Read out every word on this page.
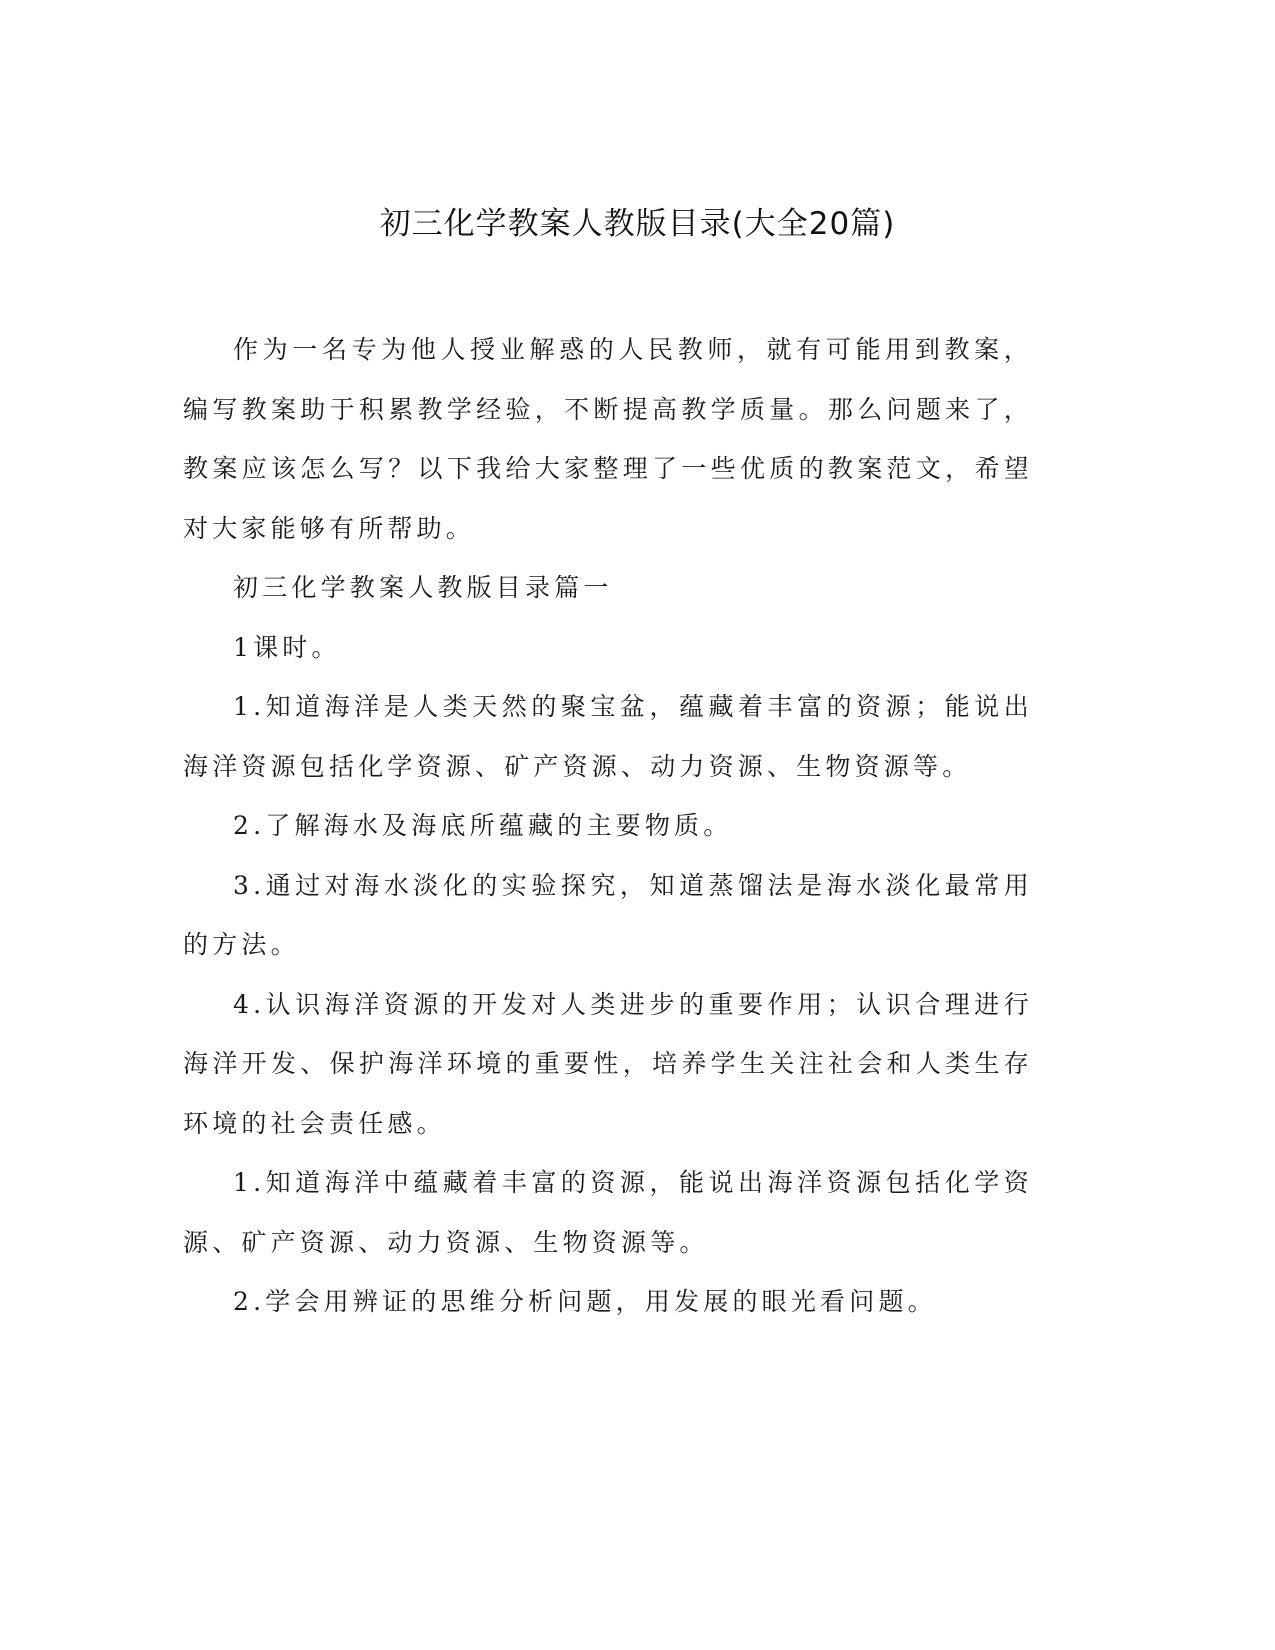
初三化学教案人教版目录(大全20篇)

作为一名专为他人授业解惑的人民教师，就有可能用到教案，编写教案助于积累教学经验，不断提高教学质量。那么问题来了，教案应该怎么写？以下我给大家整理了一些优质的教案范文，希望对大家能够有所帮助。

初三化学教案人教版目录篇一

1课时。

1.知道海洋是人类天然的聚宝盆，蕴藏着丰富的资源；能说出海洋资源包括化学资源、矿产资源、动力资源、生物资源等。

2.了解海水及海底所蕴藏的主要物质。

3.通过对海水淡化的实验探究，知道蒸馏法是海水淡化最常用的方法。

4.认识海洋资源的开发对人类进步的重要作用；认识合理进行海洋开发、保护海洋环境的重要性，培养学生关注社会和人类生存环境的社会责任感。

1.知道海洋中蕴藏着丰富的资源，能说出海洋资源包括化学资源、矿产资源、动力资源、生物资源等。

2.学会用辨证的思维分析问题，用发展的眼光看问题。
